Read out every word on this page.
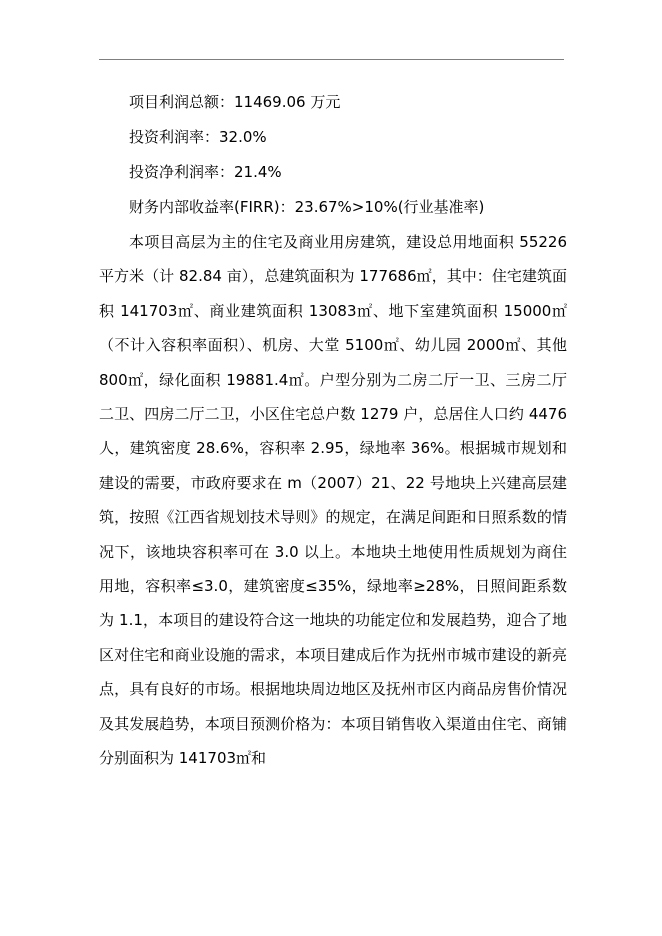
项目利润总额：11469.06 万元
投资利润率：32.0%
投资净利润率：21.4%
财务内部收益率(FIRR)：23.67%>10%(行业基准率)

本项目高层为主的住宅及商业用房建筑，建设总用地面积 55226 平方米（计 82.84 亩），总建筑面积为 177686㎡，其中：住宅建筑面积 141703㎡、商业建筑面积 13083㎡、地下室建筑面积 15000㎡（不计入容积率面积）、机房、大堂 5100㎡、幼儿园 2000㎡、其他 800㎡，绿化面积 19881.4㎡。户型分别为二房二厅一卫、三房二厅二卫、四房二厅二卫，小区住宅总户数 1279 户，总居住人口约 4476 人，建筑密度 28.6%，容积率 2.95，绿地率 36%。根据城市规划和建设的需要，市政府要求在 m（2007）21、22 号地块上兴建高层建筑，按照《江西省规划技术导则》的规定，在满足间距和日照系数的情况下，该地块容积率可在 3.0 以上。本地块土地使用性质规划为商住用地，容积率≤3.0，建筑密度≤35%，绿地率≥28%，日照间距系数为 1.1，本项目的建设符合这一地块的功能定位和发展趋势，迎合了地区对住宅和商业设施的需求，本项目建成后作为抚州市城市建设的新亮点，具有良好的市场。根据地块周边地区及抚州市区内商品房售价情况及其发展趋势，本项目预测价格为：本项目销售收入渠道由住宅、商铺分别面积为 141703㎡和
